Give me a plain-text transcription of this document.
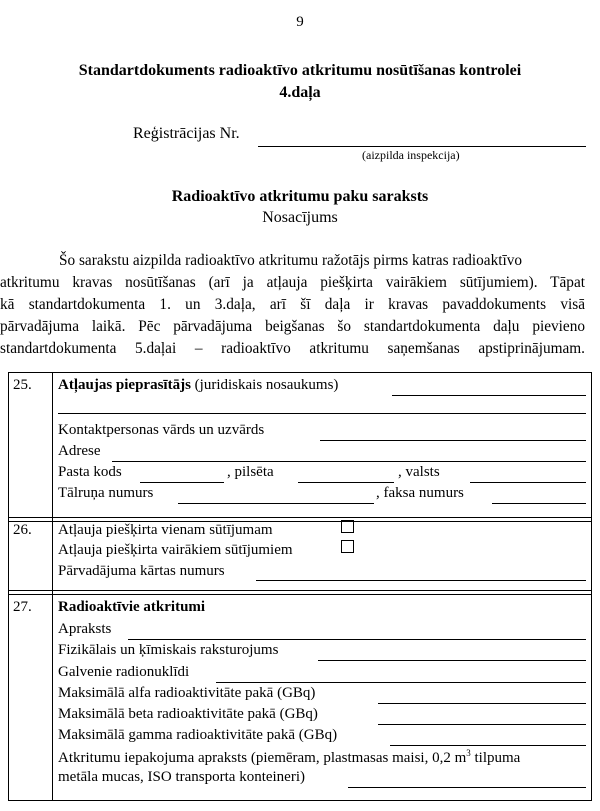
9
Standartdokuments radioaktīvo atkritumu nosūtīšanas kontrolei
4.daļa
Reģistrācijas Nr.
(aizpilda inspekcija)
Radioaktīvo atkritumu paku saraksts
Nosacījums
Šo sarakstu aizpilda radioaktīvo atkritumu ražotājs pirms katras radioaktīvo
atkritumu kravas nosūtīšanas (arī ja atļauja piešķirta vairākiem sūtījumiem). Tāpat
kā standartdokumenta 1. un 3.daļa, arī šī daļa ir kravas pavaddokuments visā
pārvadājuma laikā. Pēc pārvadājuma beigšanas šo standartdokumenta daļu pievieno
standartdokumenta 5.daļai – radioaktīvo atkritumu saņemšanas apstiprinājumam.
25. Atļaujas pieprasītājs (juridiskais nosaukums)
Kontaktpersonas vārds un uzvārds
Adrese
Pasta kods	, pilsēta	, valsts
Tālruņa numurs	, faksa numurs
26. Atļauja piešķirta vienam sūtījumam
Atļauja piešķirta vairākiem sūtījumiem
Pārvadājuma kārtas numurs
27. Radioaktīvie atkritumi
Apraksts
Fizikālais un ķīmiskais raksturojums
Galvenie radionuklīdi
Maksimālā alfa radioaktivitāte pakā (GBq)
Maksimālā beta radioaktivitāte pakā (GBq)
Maksimālā gamma radioaktivitāte pakā (GBq)
Atkritumu iepakojuma apraksts (piemēram, plastmasas maisi, 0,2 $m^3$ tilpuma
metāla mucas, ISO transporta konteineri)
